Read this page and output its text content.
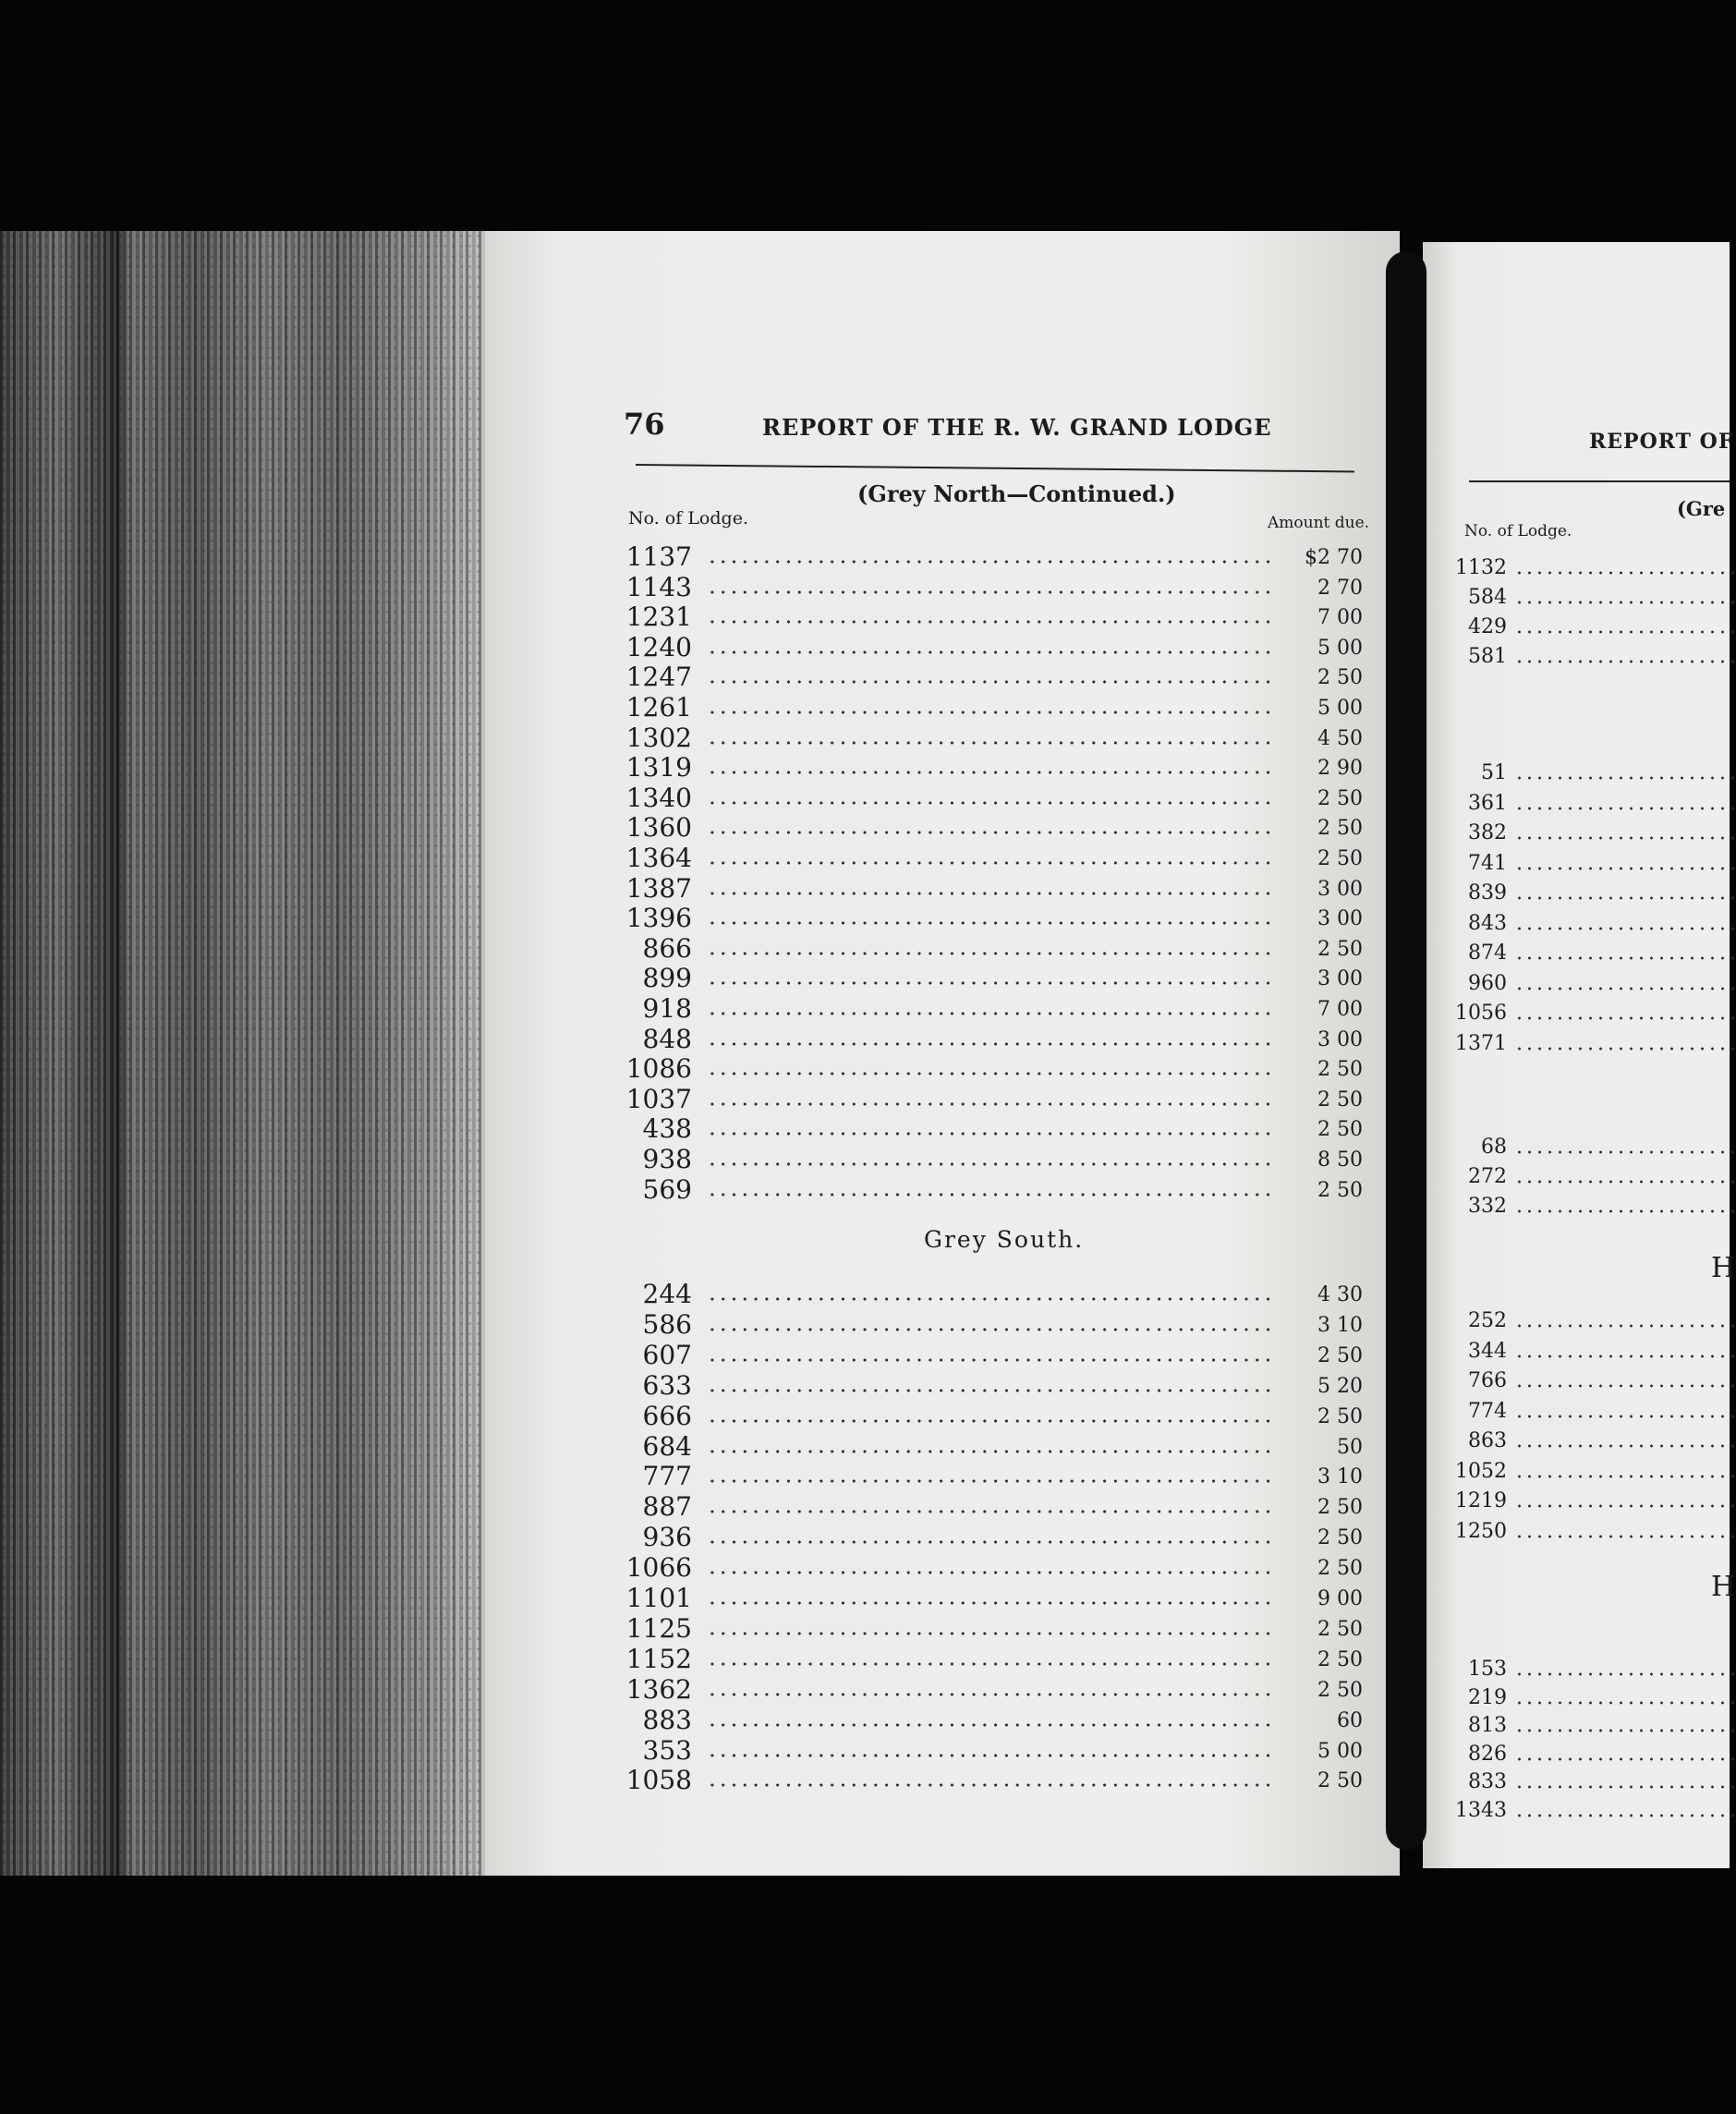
76	REPORT OF THE R. W. GRAND LODGE
(Grey North—Continued.)
No. of Lodge.	Amount due.
Grey South.
1137	$2 70
1143	2 70
1231	7 00
1240	5 00
1247	2 50
1261	5 00
1302	4 50
1319	2 90
1340	2 50
1360	2 50
1364	2 50
1387	3 00
1396	3 00
866	2 50
899	3 00
918	7 00
848	3 00
1086	2 50
1037	2 50
438	2 50
938	8 50
569	2 50
244	4 30
586	3 10
607	2 50
633	5 20
666	2 50
684	50
777	3 10
887	2 50
936	2 50
1066	2 50
1101	9 00
1125	2 50
1152	2 50
1362	2 50
883	60
353	5 00
1058	2 50
REPORT OF
(Gre
No. of Lodge.
H
H
1132
584
429
581
51
361
382
741
839
843
874
960
1056
1371
68
272
332
252
344
766
774
863
1052
1219
1250
153
219
813
826
833
1343
